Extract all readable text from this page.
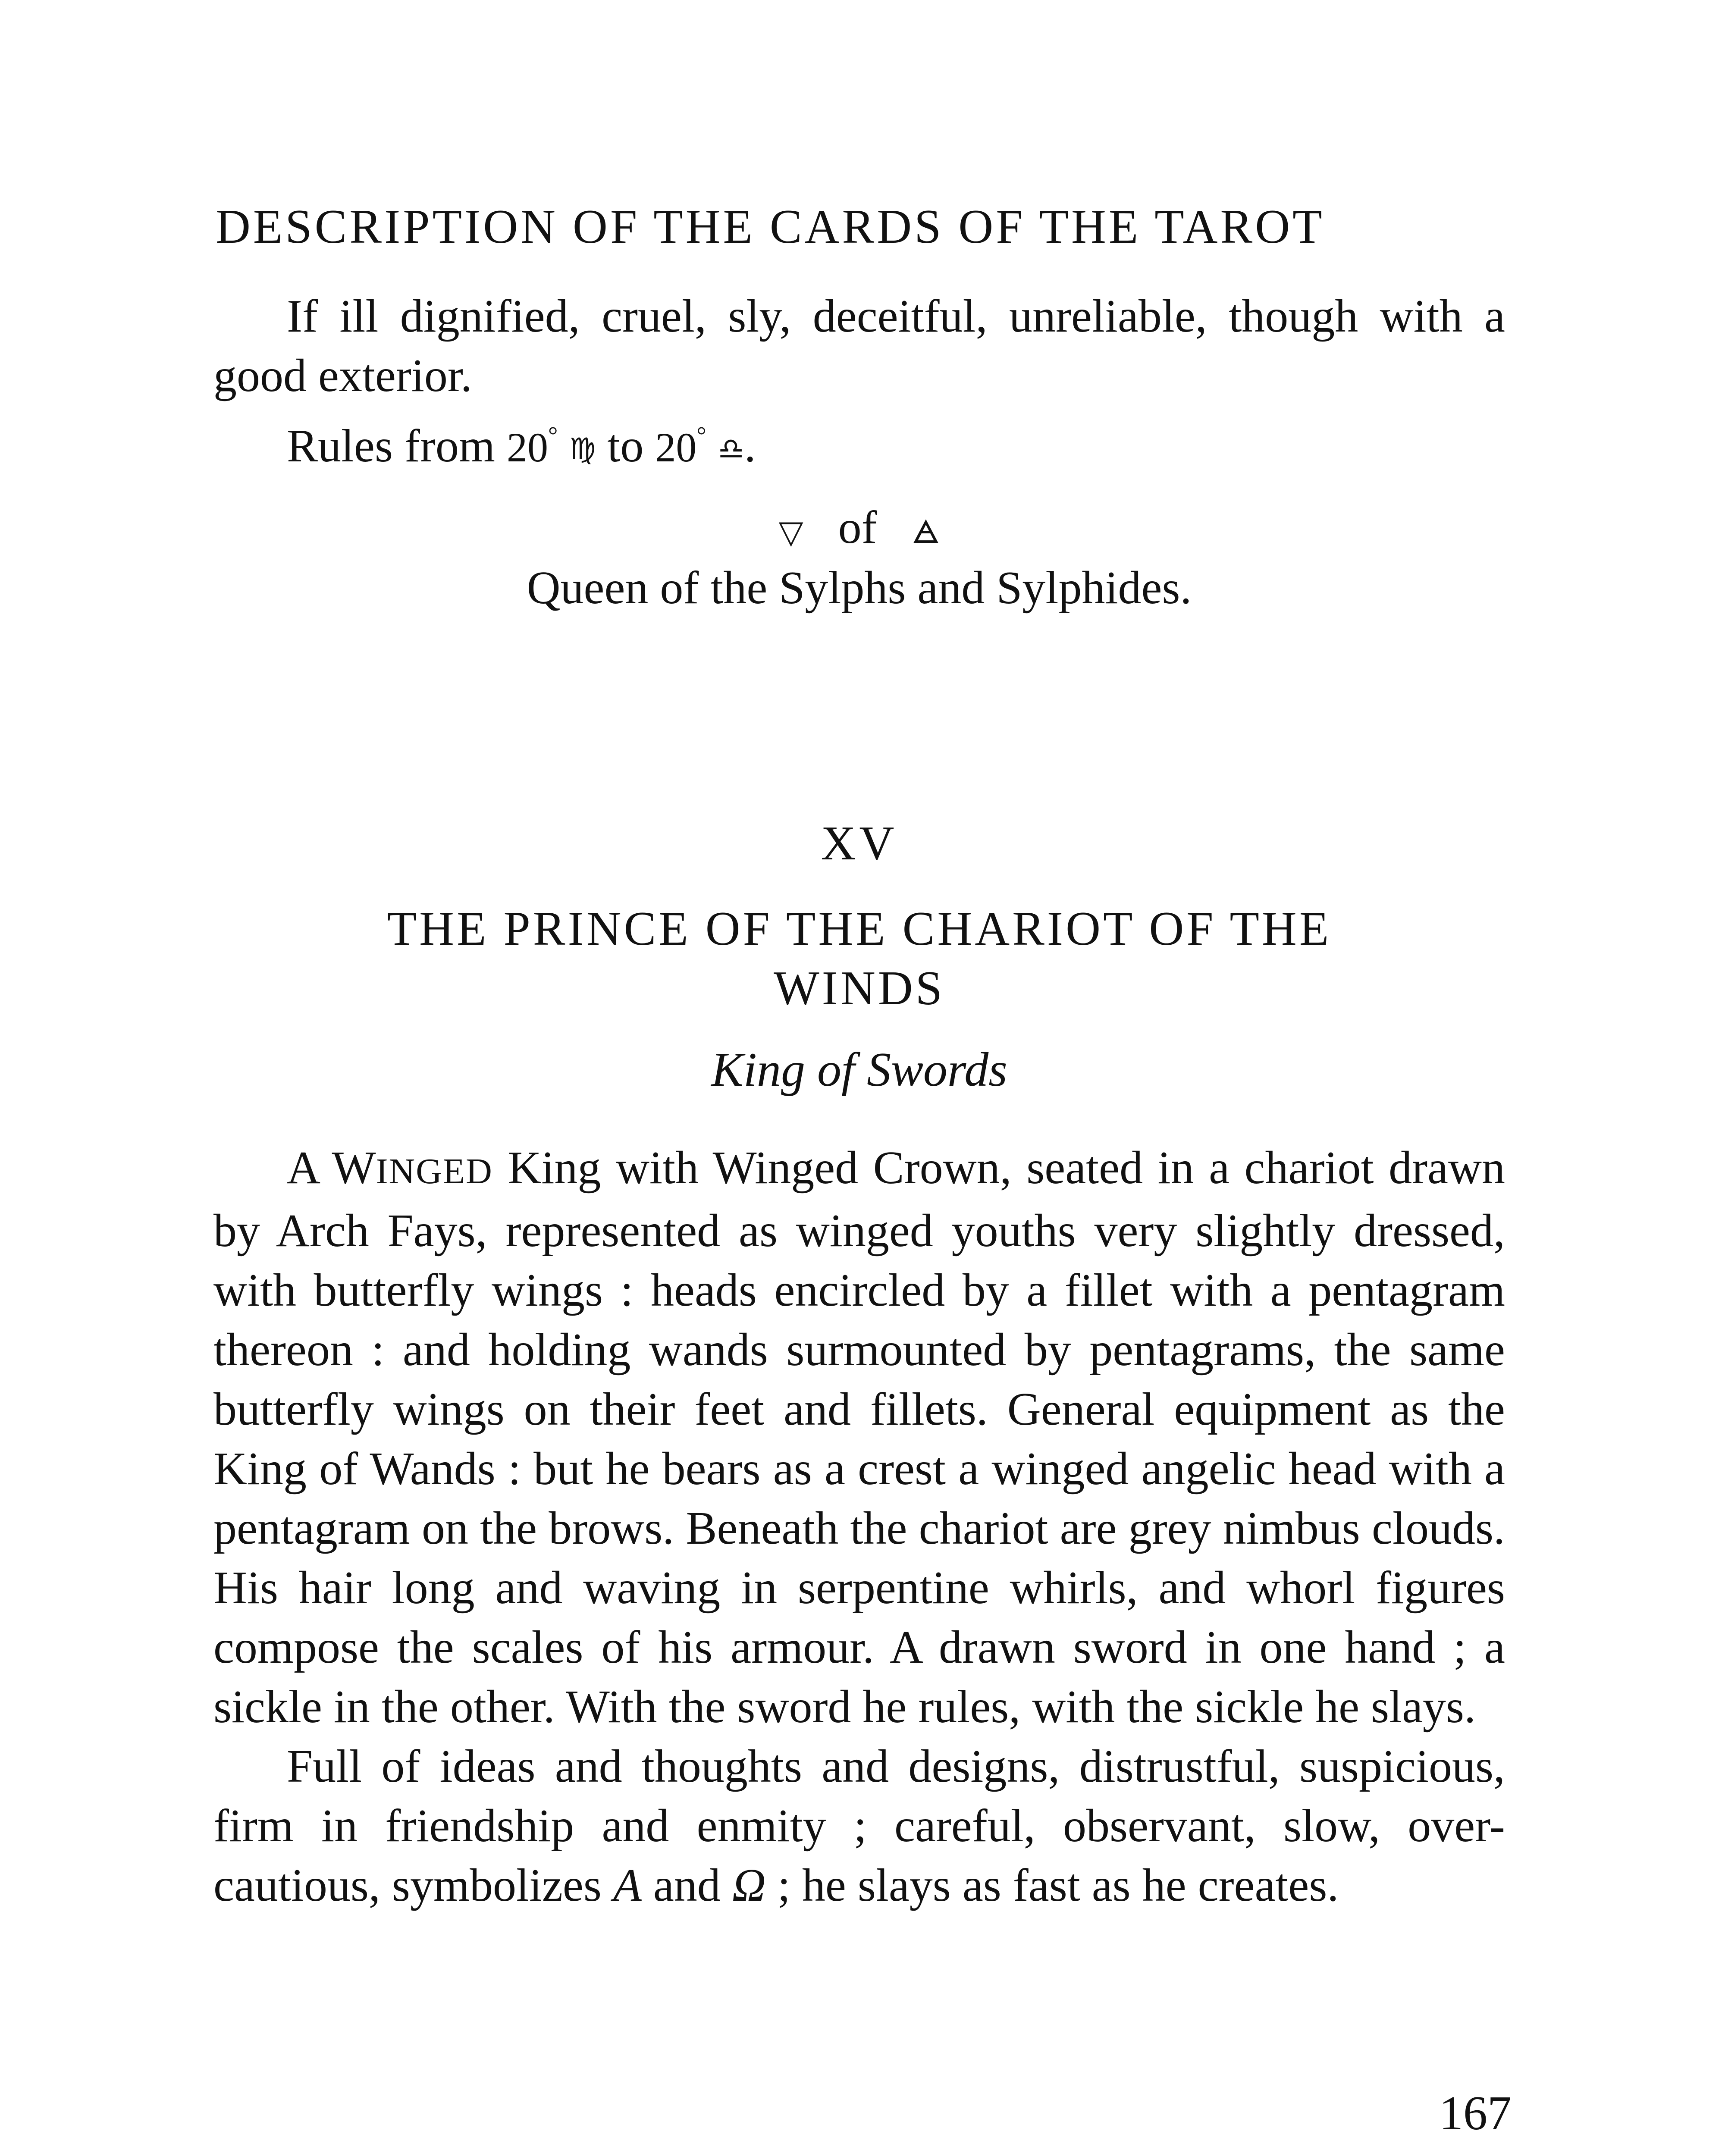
DESCRIPTION OF THE CARDS OF THE TAROT

If ill dignified, cruel, sly, deceitful, unreliable, though with a good exterior.

Rules from 20° ♍ to 20° ♎.

▽ of 🜁
Queen of the Sylphs and Sylphides.
XV
THE PRINCE OF THE CHARIOT OF THE
WINDS
King of Swords

A WINGED King with Winged Crown, seated in a chariot drawn by Arch Fays, represented as winged youths very slightly dressed, with butterfly wings : heads encircled by a fillet with a pentagram thereon : and holding wands surmounted by pentagrams, the same butterfly wings on their feet and fillets. General equipment as the King of Wands : but he bears as a crest a winged angelic head with a pentagram on the brows. Beneath the chariot are grey nimbus clouds. His hair long and waving in serpentine whirls, and whorl figures compose the scales of his armour. A drawn sword in one hand ; a sickle in the other. With the sword he rules, with the sickle he slays.

Full of ideas and thoughts and designs, distrustful, suspicious, firm in friendship and enmity ; careful, observant, slow, over-cautious, symbolizes A and Ω ; he slays as fast as he creates.

167
